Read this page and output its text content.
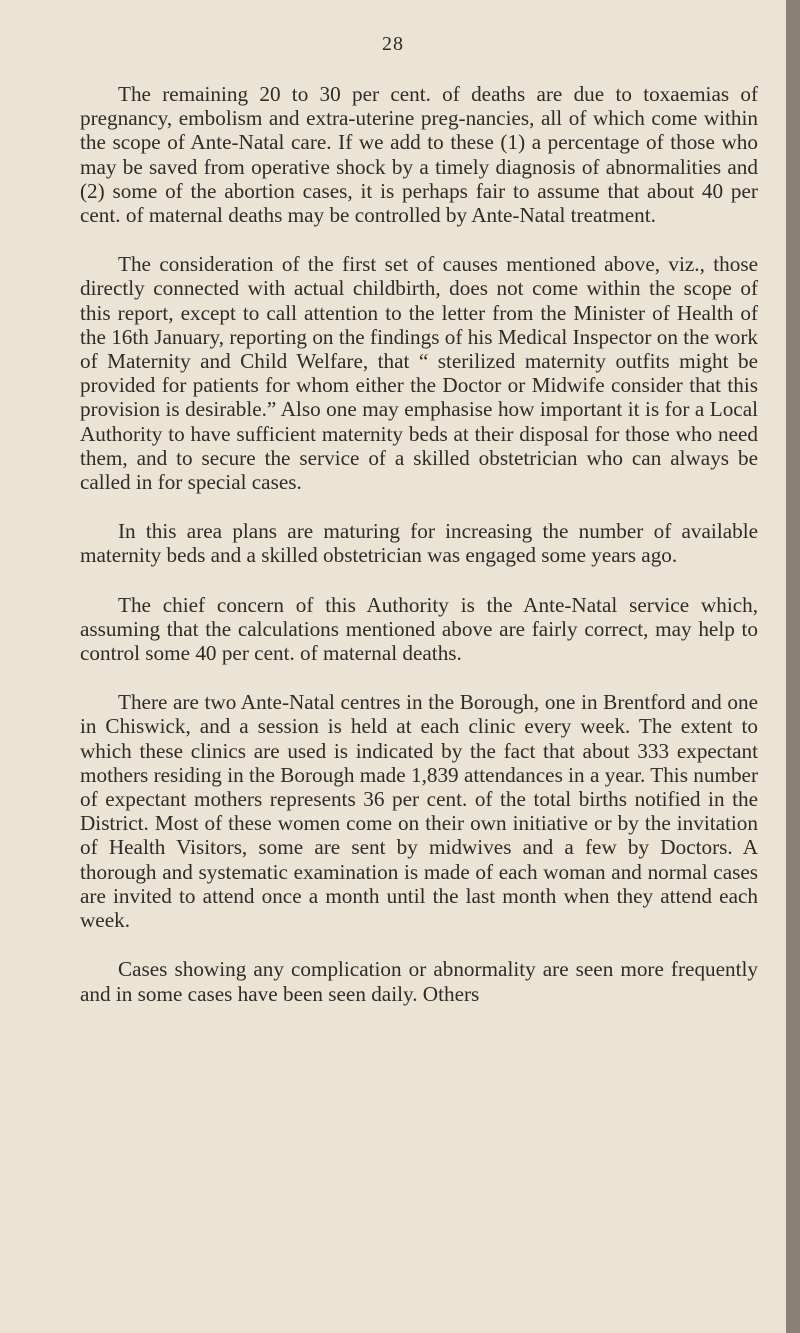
28

The remaining 20 to 30 per cent. of deaths are due to toxaemias of pregnancy, embolism and extra-uterine preg-nancies, all of which come within the scope of Ante-Natal care. If we add to these (1) a percentage of those who may be saved from operative shock by a timely diagnosis of abnormalities and (2) some of the abortion cases, it is perhaps fair to assume that about 40 per cent. of maternal deaths may be controlled by Ante-Natal treatment.

The consideration of the first set of causes mentioned above, viz., those directly connected with actual childbirth, does not come within the scope of this report, except to call attention to the letter from the Minister of Health of the 16th January, reporting on the findings of his Medical Inspector on the work of Maternity and Child Welfare, that “ sterilized maternity outfits might be provided for patients for whom either the Doctor or Midwife consider that this provision is desirable.” Also one may emphasise how important it is for a Local Authority to have sufficient maternity beds at their disposal for those who need them, and to secure the service of a skilled obstetrician who can always be called in for special cases.

In this area plans are maturing for increasing the number of available maternity beds and a skilled obstetrician was engaged some years ago.

The chief concern of this Authority is the Ante-Natal service which, assuming that the calculations mentioned above are fairly correct, may help to control some 40 per cent. of maternal deaths.

There are two Ante-Natal centres in the Borough, one in Brentford and one in Chiswick, and a session is held at each clinic every week. The extent to which these clinics are used is indicated by the fact that about 333 expectant mothers residing in the Borough made 1,839 attendances in a year. This number of expectant mothers represents 36 per cent. of the total births notified in the District. Most of these women come on their own initiative or by the invitation of Health Visitors, some are sent by midwives and a few by Doctors. A thorough and systematic examination is made of each woman and normal cases are invited to attend once a month until the last month when they attend each week.

Cases showing any complication or abnormality are seen more frequently and in some cases have been seen daily. Others
